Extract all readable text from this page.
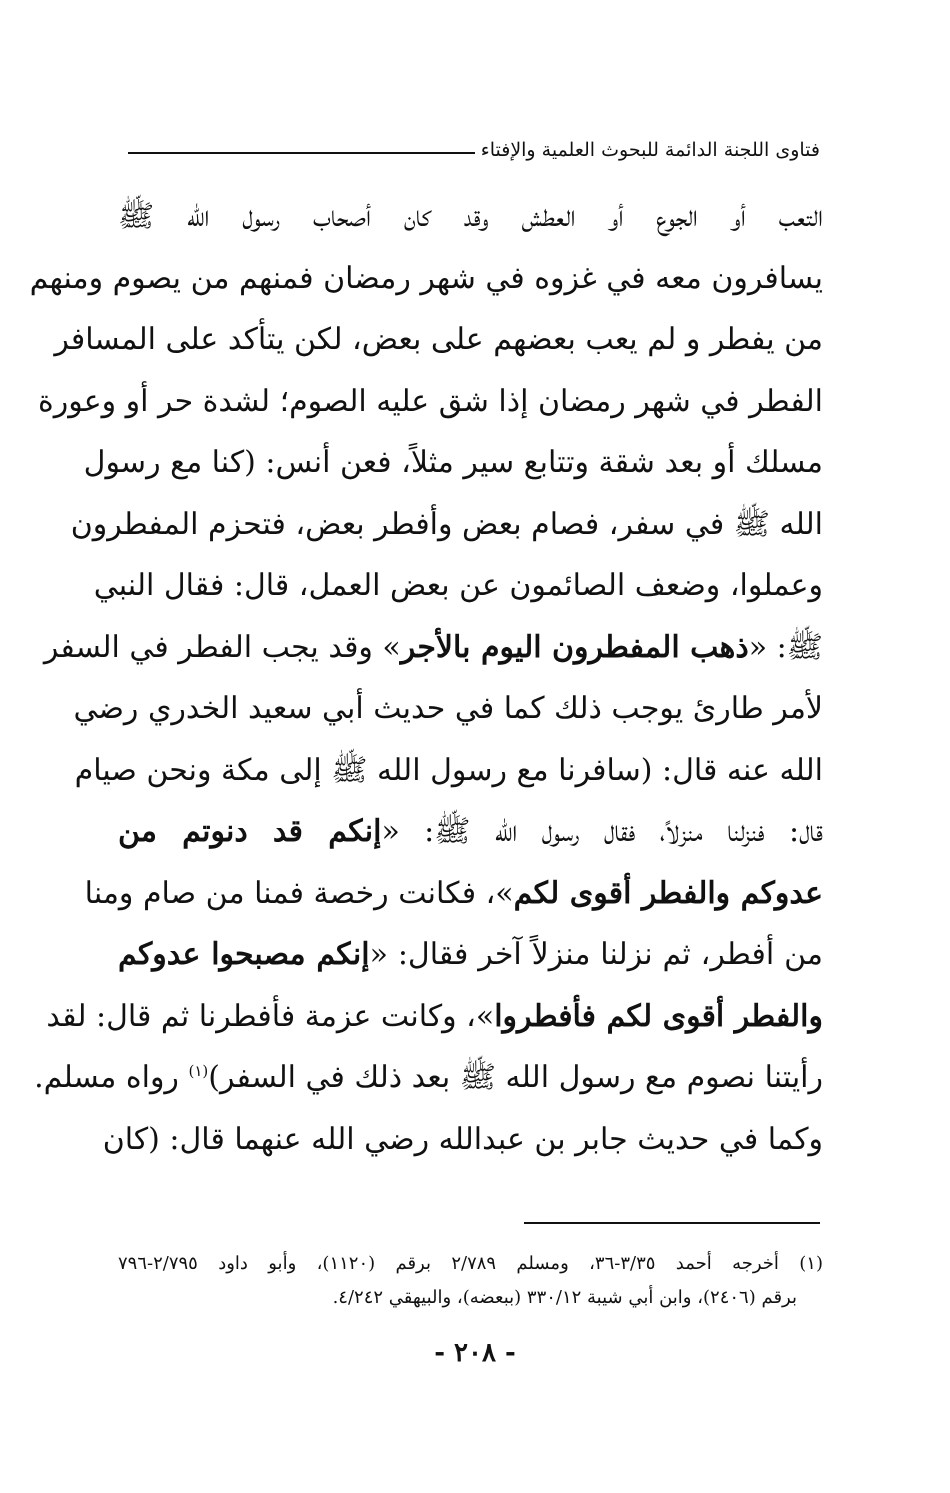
فتاوى اللجنة الدائمة للبحوث العلمية والإفتاء
التعب أو الجوع أو العطش وقد كان أصحاب رسول الله ﷺ
يسافرون معه في غزوه في شهر رمضان فمنهم من يصوم ومنهم
من يفطر و لم يعب بعضهم على بعض، لكن يتأكد على المسافر
الفطر في شهر رمضان إذا شق عليه الصوم؛ لشدة حر أو وعورة
مسلك أو بعد شقة وتتابع سير مثلاً، فعن أنس: (كنا مع رسول
الله ﷺ في سفر، فصام بعض وأفطر بعض، فتحزم المفطرون
وعملوا، وضعف الصائمون عن بعض العمل، قال: فقال النبي
ﷺ: «ذهب المفطرون اليوم بالأجر» وقد يجب الفطر في السفر
لأمر طارئ يوجب ذلك كما في حديث أبي سعيد الخدري رضي
الله عنه قال: (سافرنا مع رسول الله ﷺ إلى مكة ونحن صيام
قال: فنزلنا منزلاً، فقال رسول الله ﷺ: «إنكم قد دنوتم من
عدوكم والفطر أقوى لكم»، فكانت رخصة فمنا من صام ومنا
من أفطر، ثم نزلنا منزلاً آخر فقال: «إنكم مصبحوا عدوكم
والفطر أقوى لكم فأفطروا»، وكانت عزمة فأفطرنا ثم قال: لقد
رأيتنا نصوم مع رسول الله ﷺ بعد ذلك في السفر)$^{(١)}$ رواه مسلم.
وكما في حديث جابر بن عبدالله رضي الله عنهما قال: (كان
(١) أخرجه أحمد ٣/٣٥-٣٦، ومسلم ٢/٧٨٩ برقم (١١٢٠)، وأبو داود ٢/٧٩٥-٧٩٦
برقم (٢٤٠٦)، وابن أبي شيبة ٣٣٠/١٢ (ببعضه)، والبيهقي ٤/٢٤٢.
- ٢٠٨ -
